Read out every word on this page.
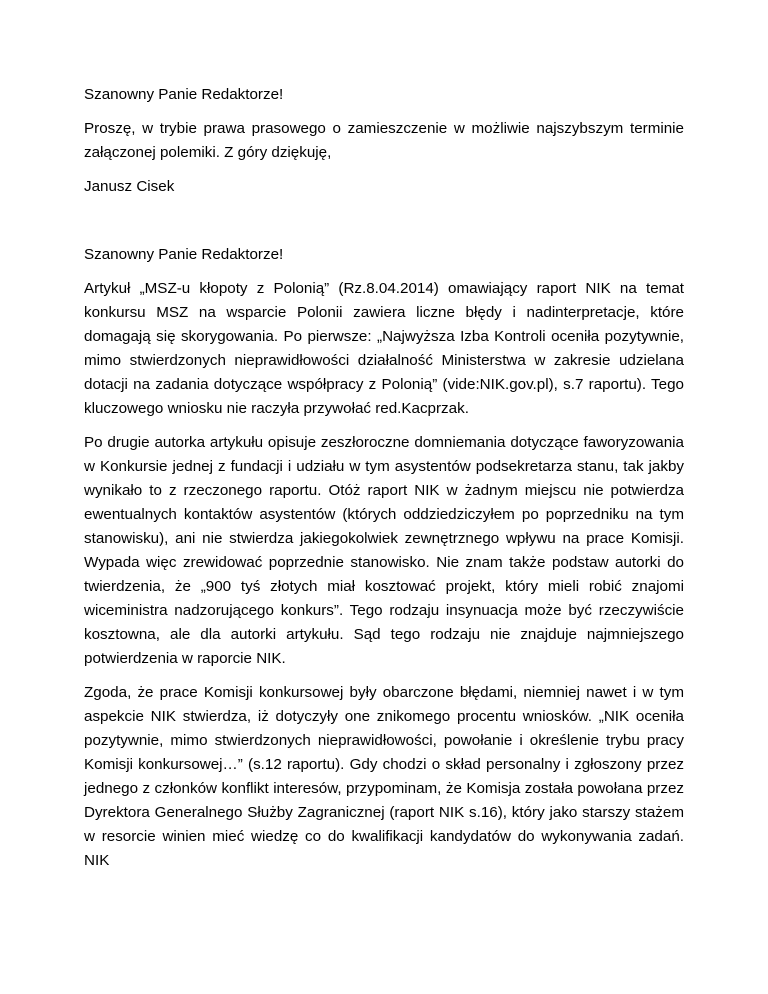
Szanowny Panie Redaktorze!

Proszę, w trybie prawa prasowego o zamieszczenie w możliwie najszybszym terminie załączonej polemiki. Z góry dziękuję,

Janusz Cisek

Szanowny Panie Redaktorze!

Artykuł „MSZ-u kłopoty z Polonią” (Rz.8.04.2014) omawiający raport NIK na temat konkursu MSZ na wsparcie Polonii zawiera liczne błędy i nadinterpretacje, które domagają się skorygowania. Po pierwsze: „Najwyższa Izba Kontroli oceniła pozytywnie, mimo stwierdzonych nieprawidłowości działalność Ministerstwa w zakresie udzielana dotacji na zadania dotyczące współpracy z Polonią” (vide:NIK.gov.pl), s.7 raportu). Tego kluczowego wniosku nie raczyła przywołać red.Kacprzak.

Po drugie autorka artykułu opisuje zeszłoroczne domniemania dotyczące faworyzowania w Konkursie jednej z fundacji i udziału w tym asystentów podsekretarza stanu, tak jakby wynikało to z rzeczonego raportu. Otóż raport NIK w żadnym miejscu nie potwierdza ewentualnych kontaktów asystentów (których oddziedziczyłem po poprzedniku na tym stanowisku), ani nie stwierdza jakiegokolwiek zewnętrznego wpływu na prace Komisji. Wypada więc zrewidować poprzednie stanowisko. Nie znam także podstaw autorki do twierdzenia, że „900 tyś złotych miał kosztować projekt, który mieli robić znajomi wiceministra nadzorującego konkurs”. Tego rodzaju insynuacja może być rzeczywiście kosztowna, ale dla autorki artykułu. Sąd tego rodzaju nie znajduje najmniejszego potwierdzenia w raporcie NIK.

Zgoda, że prace Komisji konkursowej były obarczone błędami, niemniej nawet i w tym aspekcie NIK stwierdza, iż dotyczyły one znikomego procentu wniosków. „NIK oceniła pozytywnie, mimo stwierdzonych nieprawidłowości, powołanie i określenie trybu pracy Komisji konkursowej…” (s.12 raportu). Gdy chodzi o skład personalny i zgłoszony przez jednego z członków konflikt interesów, przypominam, że Komisja została powołana przez Dyrektora Generalnego Służby Zagranicznej (raport NIK s.16), który jako starszy stażem w resorcie winien mieć wiedzę co do kwalifikacji kandydatów do wykonywania zadań. NIK
